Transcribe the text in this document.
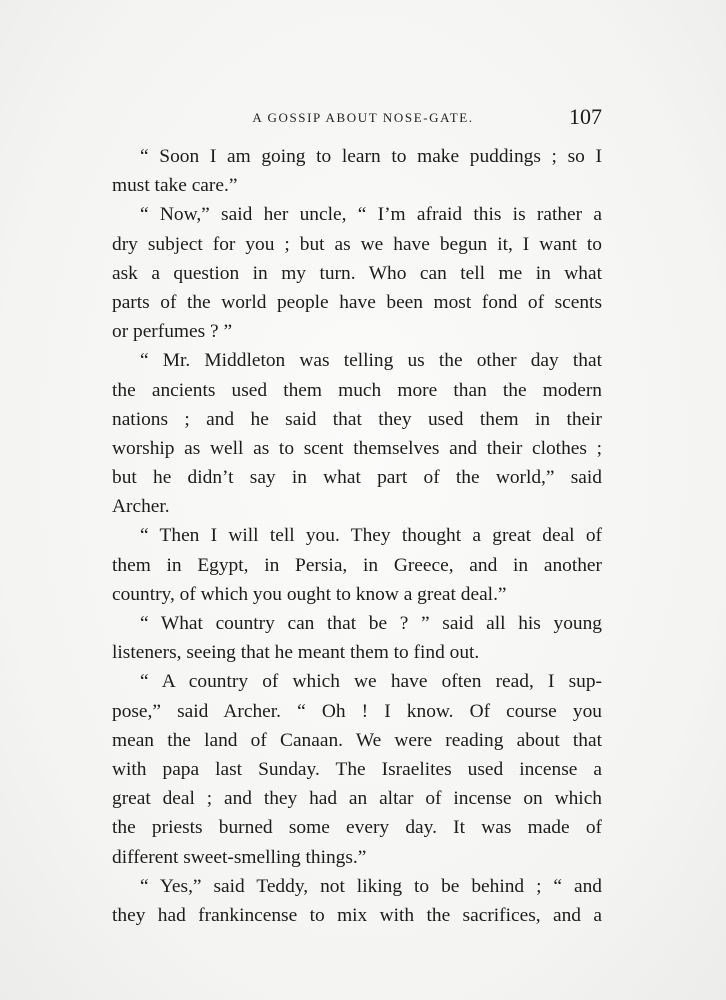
A GOSSIP ABOUT NOSE-GATE.	107
“ Soon I am going to learn to make puddings ; so I
must take care.”
“ Now,” said her uncle, “ I’m afraid this is rather a
dry subject for you ; but as we have begun it, I want to
ask a question in my turn. Who can tell me in what
parts of the world people have been most fond of scents
or perfumes ? ”
“ Mr. Middleton was telling us the other day that
the ancients used them much more than the modern
nations ; and he said that they used them in their
worship as well as to scent themselves and their clothes ;
but he didn’t say in what part of the world,” said
Archer.
“ Then I will tell you. They thought a great deal of
them in Egypt, in Persia, in Greece, and in another
country, of which you ought to know a great deal.”
“ What country can that be ? ” said all his young
listeners, seeing that he meant them to find out.
“ A country of which we have often read, I sup-
pose,” said Archer. “ Oh ! I know. Of course you
mean the land of Canaan. We were reading about that
with papa last Sunday. The Israelites used incense a
great deal ; and they had an altar of incense on which
the priests burned some every day. It was made of
different sweet-smelling things.”
“ Yes,” said Teddy, not liking to be behind ; “ and
they had frankincense to mix with the sacrifices, and a
